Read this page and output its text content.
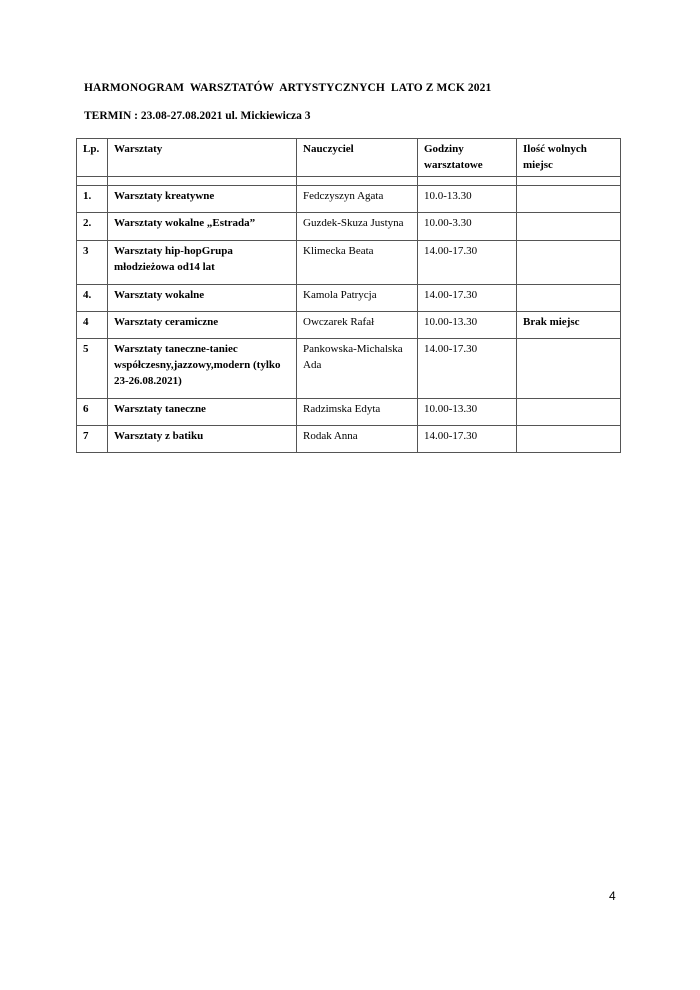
HARMONOGRAM  WARSZTATÓW  ARTYSTYCZNYCH  LATO Z MCK 2021
TERMIN : 23.08-27.08.2021 ul. Mickiewicza 3
Lp.	Warsztaty	Nauczyciel	Godziny warsztatowe	Ilość wolnych miejsc

1.	Warsztaty kreatywne	Fedczyszyn Agata	10.0-13.30	
2.	Warsztaty wokalne „Estrada”	Guzdek-Skuza Justyna	10.00-3.30	
3	Warsztaty hip-hopGrupa młodzieżowa od14 lat	Klimecka Beata	14.00-17.30	
4.	Warsztaty wokalne	Kamola Patrycja	14.00-17.30	
4	Warsztaty ceramiczne	Owczarek Rafał	10.00-13.30	Brak miejsc
5	Warsztaty taneczne-taniec współczesny,jazzowy,modern (tylko 23-26.08.2021)	Pankowska-Michalska Ada	14.00-17.30	
6	Warsztaty taneczne	Radzimska Edyta	10.00-13.30	
7	Warsztaty z batiku	Rodak Anna	14.00-17.30	
4
